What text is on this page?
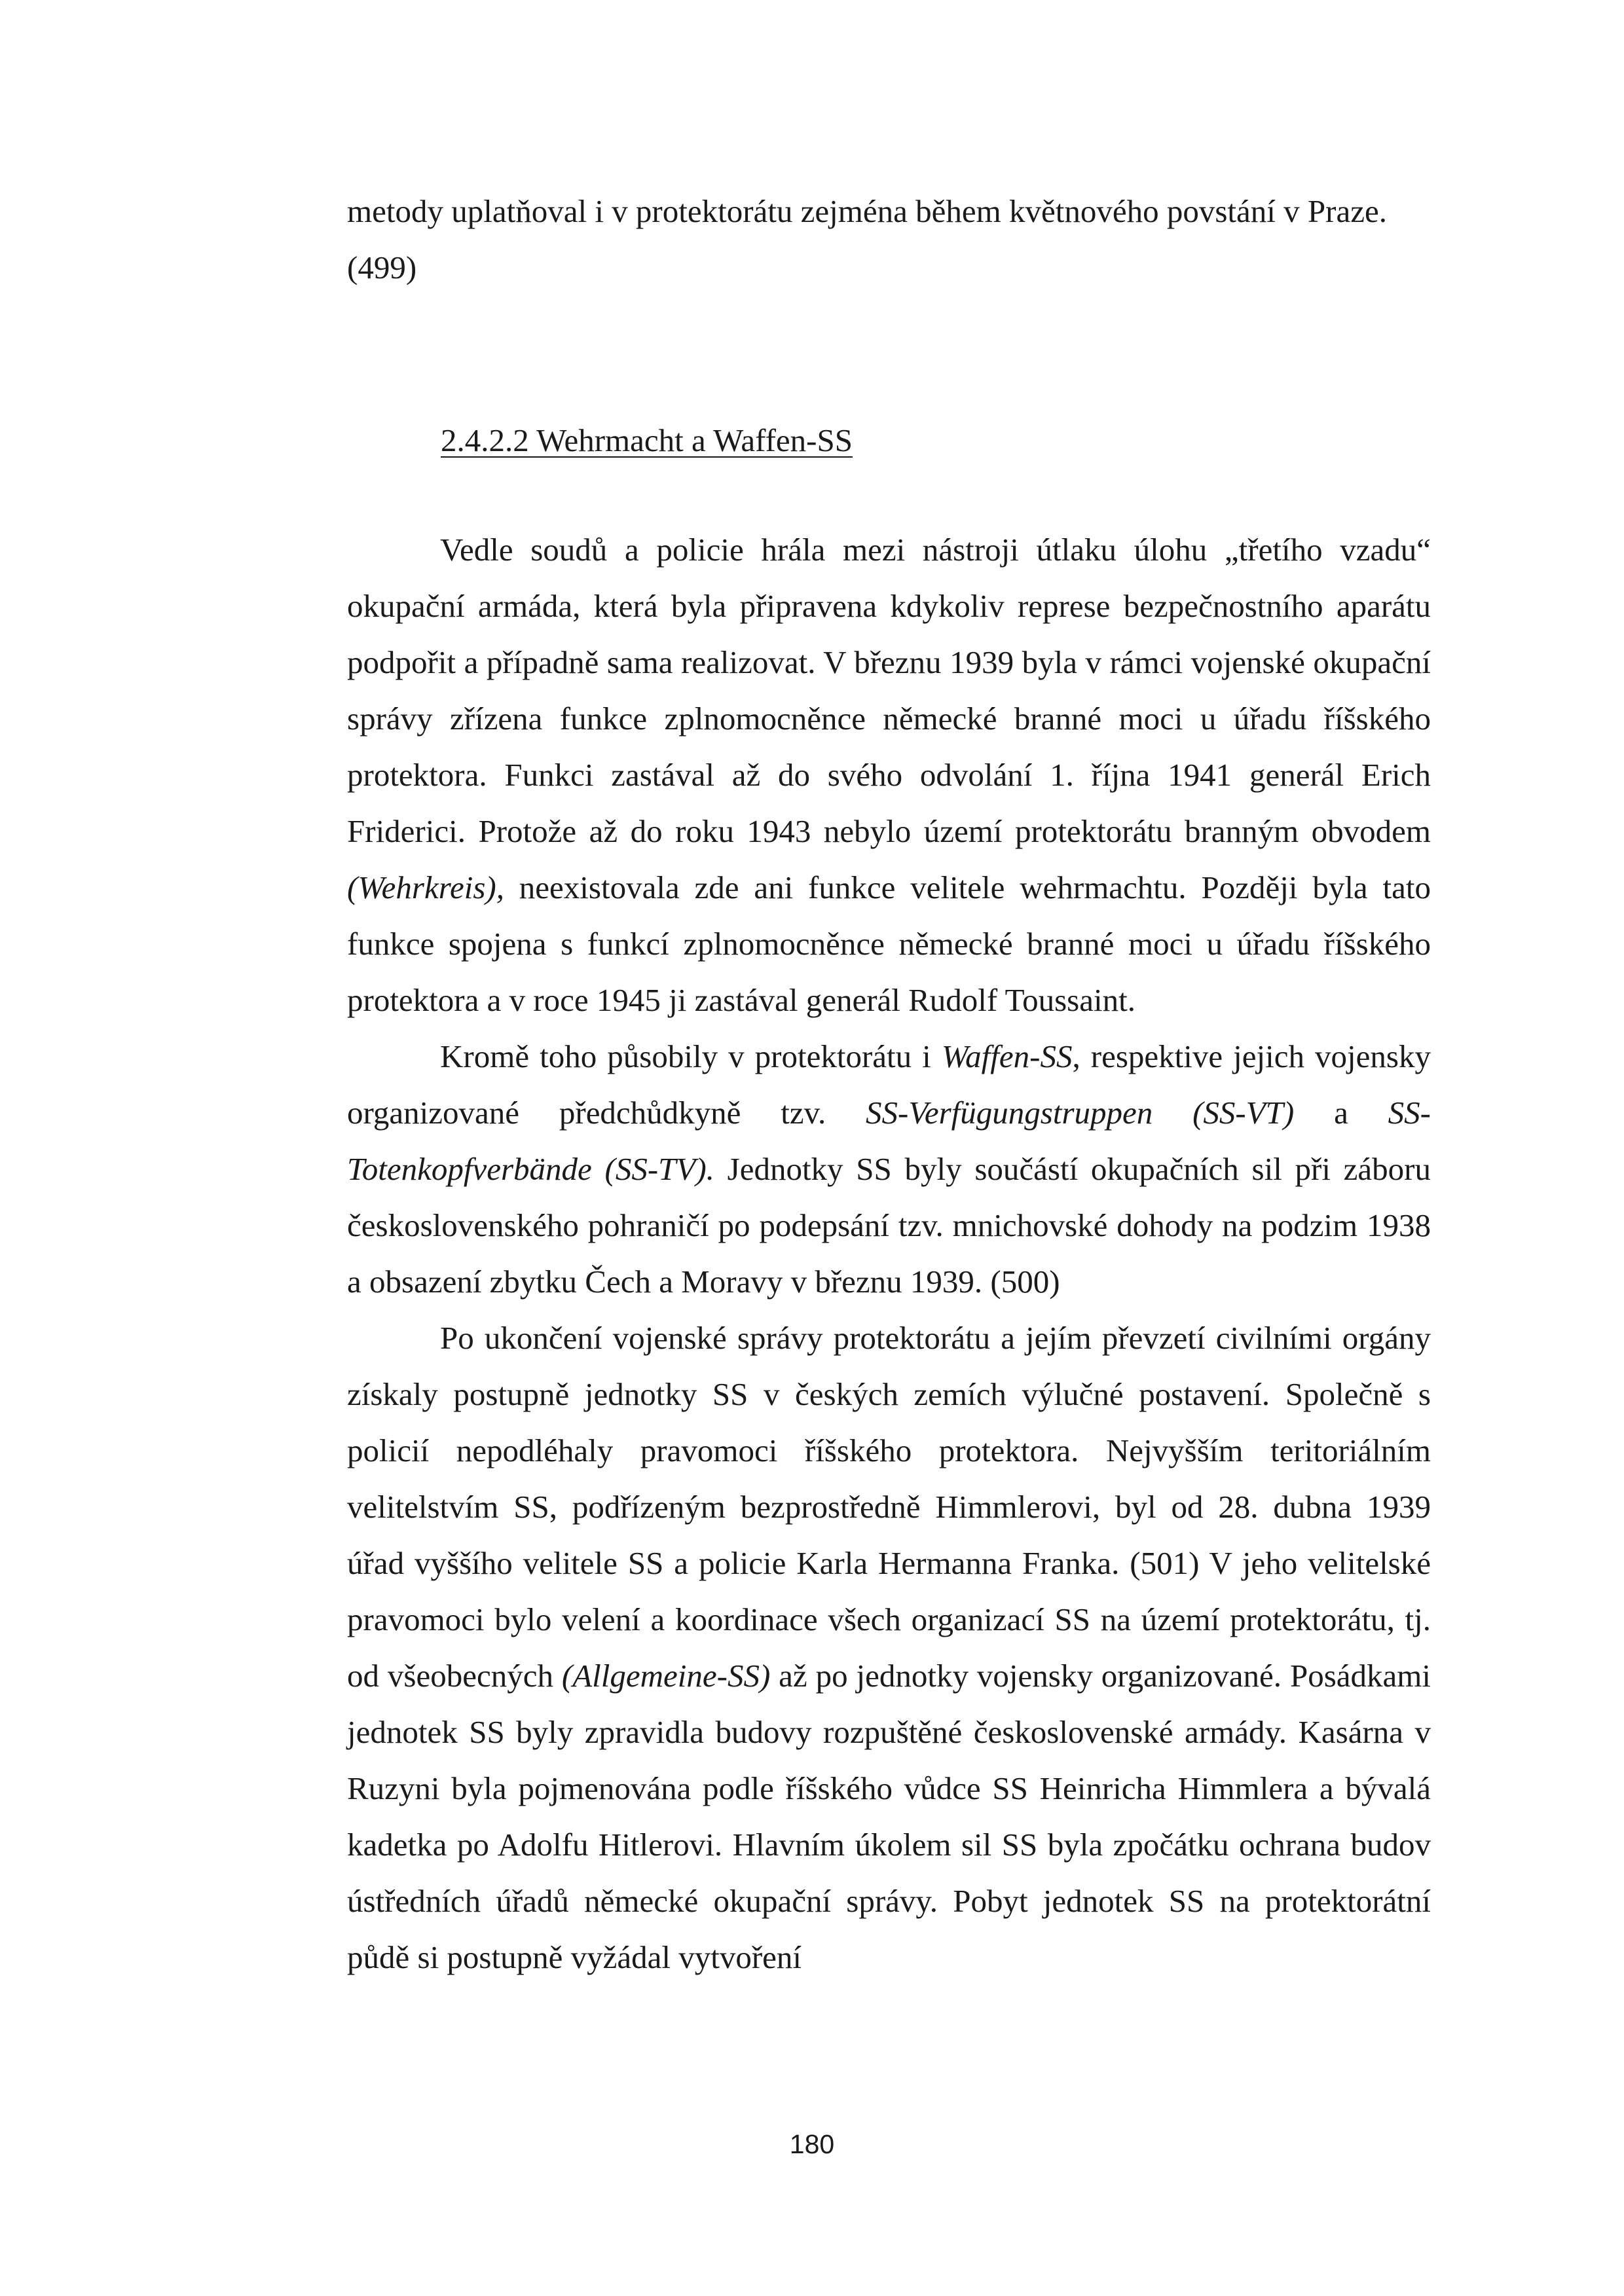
metody uplatňoval i v protektorátu zejména během květnového povstání v Praze.

(499)

2.4.2.2 Wehrmacht a Waffen-SS

Vedle soudů a policie hrála mezi nástroji útlaku úlohu „třetího vzadu“ okupační armáda, která byla připravena kdykoliv represe bezpečnostního aparátu podpořit a případně sama realizovat. V březnu 1939 byla v rámci vojenské okupační správy zřízena funkce zplnomocněnce německé branné moci u úřadu říšského protektora. Funkci zastával až do svého odvolání 1. října 1941 generál Erich Friderici. Protože až do roku 1943 nebylo území protektorátu branným obvodem (Wehrkreis), neexistovala zde ani funkce velitele wehrmachtu. Později byla tato funkce spojena s funkcí zplnomocněnce německé branné moci u úřadu říšského protektora a v roce 1945 ji zastával generál Rudolf Toussaint.

Kromě toho působily v protektorátu i Waffen-SS, respektive jejich vojensky organizované předchůdkyně tzv. SS-Verfügungstruppen (SS-VT) a SS-Totenkopfverbände (SS-TV). Jednotky SS byly součástí okupačních sil při záboru československého pohraničí po podepsání tzv. mnichovské dohody na podzim 1938 a obsazení zbytku Čech a Moravy v březnu 1939. (500)

Po ukončení vojenské správy protektorátu a jejím převzetí civilními orgány získaly postupně jednotky SS v českých zemích výlučné postavení. Společně s policií nepodléhaly pravomoci říšského protektora. Nejvyšším teritoriálním velitelstvím SS, podřízeným bezprostředně Himmlerovi, byl od 28. dubna 1939 úřad vyššího velitele SS a policie Karla Hermanna Franka. (501) V jeho velitelské pravomoci bylo velení a koordinace všech organizací SS na území protektorátu, tj. od všeobecných (Allgemeine-SS) až po jednotky vojensky organizované. Posádkami jednotek SS byly zpravidla budovy rozpuštěné československé armády. Kasárna v Ruzyni byla pojmenována podle říšského vůdce SS Heinricha Himmlera a bývalá kadetka po Adolfu Hitlerovi. Hlavním úkolem sil SS byla zpočátku ochrana budov ústředních úřadů německé okupační správy. Pobyt jednotek SS na protektorátní půdě si postupně vyžádal vytvoření

180
